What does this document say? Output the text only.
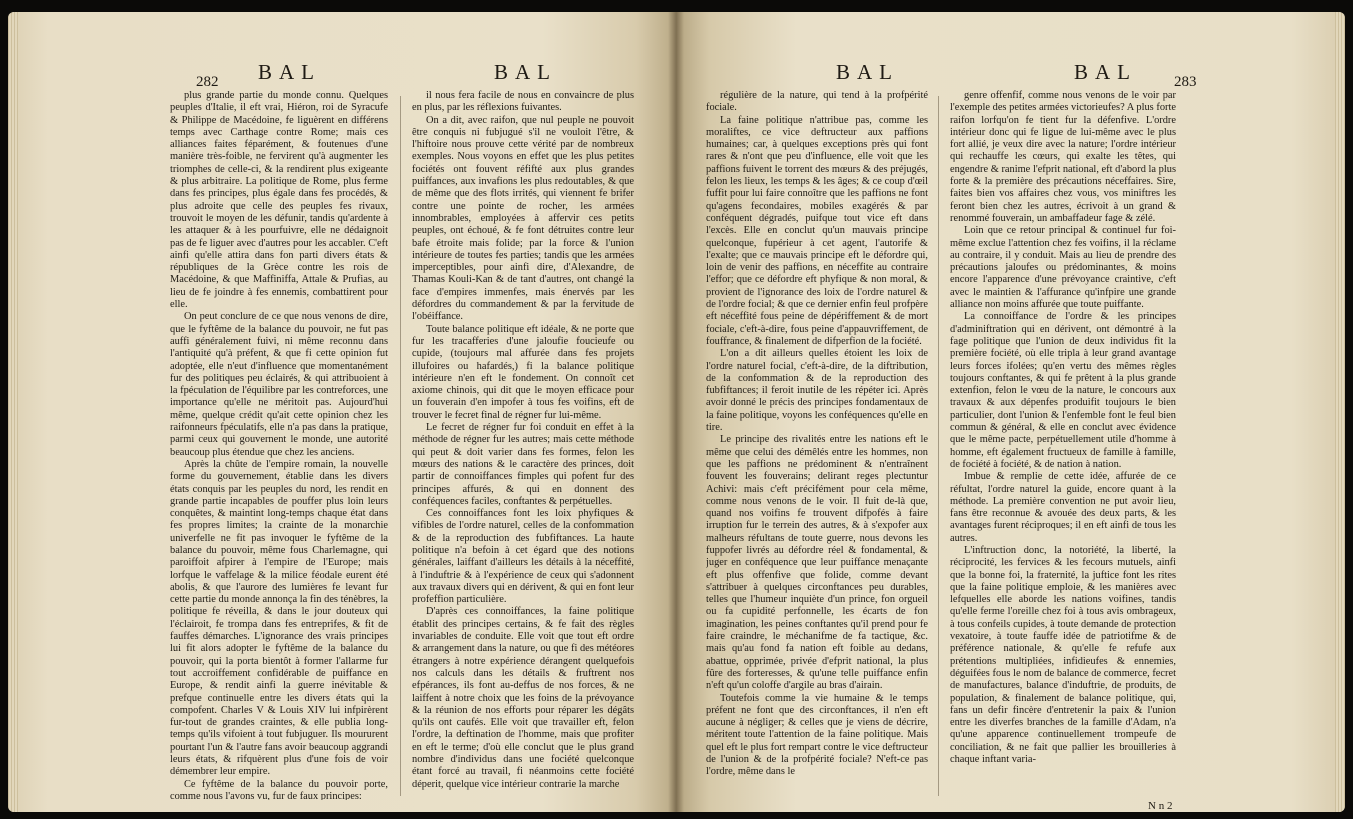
282 BAL	BAL

plus grande partie du monde connu. Quelques peuples d'Italie, il eft vrai, Hiéron, roi de Syracufe & Philippe de Macédoine, fe liguèrent en différens temps avec Carthage contre Rome; mais ces alliances faites féparément, & foutenues d'une manière très-foible, ne fervirent qu'à augmenter les triomphes de celle-ci, & la rendirent plus exigeante & plus arbitraire. La politique de Rome, plus ferme dans fes principes, plus égale dans fes procédés, & plus adroite que celle des peuples fes rivaux, trouvoit le moyen de les défunir, tandis qu'ardente à les attaquer & à les pourfuivre, elle ne dédaignoit pas de fe liguer avec d'autres pour les accabler. C'eft ainfi qu'elle attira dans fon parti divers états & républiques de la Grèce contre les rois de Macédoine, & que Maffiniffa, Attale & Prufias, au lieu de fe joindre à fes ennemis, combattirent pour elle.

On peut conclure de ce que nous venons de dire, que le fyftême de la balance du pouvoir, ne fut pas auffi généralement fuivi, ni même reconnu dans l'antiquité qu'à préfent, & que fi cette opinion fut adoptée, elle n'eut d'influence que momentanément fur des politiques peu éclairés, & qui attribuoient à la fpéculation de l'équilibre par les contreforces, une importance qu'elle ne méritoit pas. Aujourd'hui même, quelque crédit qu'ait cette opinion chez les raifonneurs fpéculatifs, elle n'a pas dans la pratique, parmi ceux qui gouvernent le monde, une autorité beaucoup plus étendue que chez les anciens.

Après la chûte de l'empire romain, la nouvelle forme du gouvernement, établie dans les divers états conquis par les peuples du nord, les rendit en grande partie incapables de pouffer plus loin leurs conquêtes, & maintint long-temps chaque état dans fes propres limites; la crainte de la monarchie univerfelle ne fit pas invoquer le fyftême de la balance du pouvoir, même fous Charlemagne, qui paroiffoit afpirer à l'empire de l'Europe; mais lorfque le vaffelage & la milice féodale eurent été abolis, & que l'aurore des lumières fe levant fur cette partie du monde annonça la fin des ténèbres, la politique fe réveilla, & dans le jour douteux qui l'éclairoit, fe trompa dans fes entreprifes, & fit de fauffes démarches. L'ignorance des vrais principes lui fit alors adopter le fyftême de la balance du pouvoir, qui la porta bientôt à former l'allarme fur tout accroiffement confidérable de puiffance en Europe, & rendit ainfi la guerre inévitable & prefque continuelle entre les divers états qui la compofent. Charles V & Louis XIV lui infpirèrent fur-tout de grandes craintes, & elle publia long-temps qu'ils vifoient à tout fubjuguer. Ils moururent pourtant l'un & l'autre fans avoir beaucoup aggrandi leurs états, & rifquèrent plus d'une fois de voir démembrer leur empire.

Ce fyftême de la balance du pouvoir porte, comme nous l'avons vu, fur de faux principes:

il nous fera facile de nous en convaincre de plus en plus, par les réflexions fuivantes.

On a dit, avec raifon, que nul peuple ne pouvoit être conquis ni fubjugué s'il ne vouloit l'être, & l'hiftoire nous prouve cette vérité par de nombreux exemples. Nous voyons en effet que les plus petites fociétés ont fouvent réfifté aux plus grandes puiffances, aux invafions les plus redoutables, & que de même que des flots irrités, qui viennent fe brifer contre une pointe de rocher, les armées innombrables, employées à affervir ces petits peuples, ont échoué, & fe font détruites contre leur bafe étroite mais folide; par la force & l'union intérieure de toutes fes parties; tandis que les armées imperceptibles, pour ainfi dire, d'Alexandre, de Thamas Kouli-Kan & de tant d'autres, ont changé la face d'empires immenfes, mais énervés par les défordres du commandement & par la fervitude de l'obéiffance.

Toute balance politique eft idéale, & ne porte que fur les tracafferies d'une jaloufie foucieufe ou cupide, (toujours mal affurée dans fes projets illufoires ou hafardés,) fi la balance politique intérieure n'en eft le fondement. On connoît cet axiome chinois, qui dit que le moyen efficace pour un fouverain d'en impofer à tous fes voifins, eft de trouver le fecret final de régner fur lui-même.

Le fecret de régner fur foi conduit en effet à la méthode de régner fur les autres; mais cette méthode qui peut & doit varier dans fes formes, felon les mœurs des nations & le caractère des princes, doit partir de connoiffances fimples qui pofent fur des principes affurés, & qui en donnent des conféquences faciles, conftantes & perpétuelles.

Ces connoiffances font les loix phyfiques & vifibles de l'ordre naturel, celles de la confommation & de la reproduction des fubfiftances. La haute politique n'a befoin à cet égard que des notions générales, laiffant d'ailleurs les détails à la néceffité, à l'induftrie & à l'expérience de ceux qui s'adonnent aux travaux divers qui en dérivent, & qui en font leur profeffion particulière.

D'après ces connoiffances, la faine politique établit des principes certains, & fe fait des règles invariables de conduite. Elle voit que tout eft ordre & arrangement dans la nature, ou que fi des météores étrangers à notre expérience dérangent quelquefois nos calculs dans les détails & fruftrent nos efpérances, ils font au-deffus de nos forces, & ne laiffent à notre choix que les foins de la prévoyance & la réunion de nos efforts pour réparer les dégâts qu'ils ont caufés. Elle voit que travailler eft, felon l'ordre, la deftination de l'homme, mais que profiter en eft le terme; d'où elle conclut que le plus grand nombre d'individus dans une fociété quelconque étant forcé au travail, fi néanmoins cette fociété déperit, quelque vice intérieur contrarie la marche

BAL	BAL 283

régulière de la nature, qui tend à la profpérité fociale.

La faine politique n'attribue pas, comme les moraliftes, ce vice deftructeur aux paffions humaines; car, à quelques exceptions près qui font rares & n'ont que peu d'influence, elle voit que les paffions fuivent le torrent des mœurs & des préjugés, felon les lieux, les temps & les âges; & ce coup d'œil fuffit pour lui faire connoître que les paffions ne font qu'agens fecondaires, mobiles exagérés & par conféquent dégradés, puifque tout vice eft dans l'excès. Elle en conclut qu'un mauvais principe quelconque, fupérieur à cet agent, l'autorife & l'exalte; que ce mauvais principe eft le défordre qui, loin de venir des paffions, en néceffite au contraire l'effor; que ce défordre eft phyfique & non moral, & provient de l'ignorance des loix de l'ordre naturel & de l'ordre focial; & que ce dernier enfin feul profpère eft néceffité fous peine de dépériffement & de mort fociale, c'eft-à-dire, fous peine d'appauvriffement, de fouffrance, & finalement de difperfion de la fociété.

L'on a dit ailleurs quelles étoient les loix de l'ordre naturel focial, c'eft-à-dire, de la diftribution, de la confommation & de la reproduction des fubfiftances; il feroit inutile de les répéter ici. Après avoir donné le précis des principes fondamentaux de la faine politique, voyons les conféquences qu'elle en tire.

Le principe des rivalités entre les nations eft le même que celui des démêlés entre les hommes, non que les paffions ne prédominent & n'entraînent fouvent les fouverains; delirant reges plectuntur Achivi: mais c'eft précifément pour cela même, comme nous venons de le voir. Il fuit de-là que, quand nos voifins fe trouvent difpofés à faire irruption fur le terrein des autres, & à s'expofer aux malheurs réfultans de toute guerre, nous devons les fuppofer livrés au défordre réel & fondamental, & juger en conféquence que leur puiffance menaçante eft plus offenfive que folide, comme devant s'attribuer à quelques circonftances peu durables, telles que l'humeur inquiète d'un prince, fon orgueil ou fa cupidité perfonnelle, les écarts de fon imagination, les peines conftantes qu'il prend pour fe faire craindre, le méchanifme de fa tactique, &c. mais qu'au fond fa nation eft foible au dedans, abattue, opprimée, privée d'efprit national, la plus fûre des forteresses, & qu'une telle puiffance enfin n'eft qu'un coloffe d'argile au bras d'airain.

Toutefois comme la vie humaine & le temps préfent ne font que des circonftances, il n'en eft aucune à négliger; & celles que je viens de décrire, méritent toute l'attention de la faine politique. Mais quel eft le plus fort rempart contre le vice deftructeur de l'union & de la profpérité fociale? N'eft-ce pas l'ordre, même dans le

genre offenfif, comme nous venons de le voir par l'exemple des petites armées victorieufes? A plus forte raifon lorfqu'on fe tient fur la défenfive. L'ordre intérieur donc qui fe ligue de lui-même avec le plus fort allié, je veux dire avec la nature; l'ordre intérieur qui rechauffe les cœurs, qui exalte les têtes, qui engendre & ranime l'efprit national, eft d'abord la plus forte & la première des précautions néceffaires. Sire, faites bien vos affaires chez vous, vos miniftres les feront bien chez les autres, écrivoit à un grand & renommé fouverain, un ambaffadeur fage & zélé.

Loin que ce retour principal & continuel fur foi-même exclue l'attention chez fes voifins, il la réclame au contraire, il y conduit. Mais au lieu de prendre des précautions jaloufes ou prédominantes, & moins encore l'apparence d'une prévoyance craintive, c'eft avec le maintien & l'affurance qu'infpire une grande alliance non moins affurée que toute puiffante.

La connoiffance de l'ordre & les principes d'adminiftration qui en dérivent, ont démontré à la fage politique que l'union de deux individus fit la première fociété, où elle tripla à leur grand avantage leurs forces ifolées; qu'en vertu des mêmes règles toujours conftantes, & qui fe prêtent à la plus grande extenfion, felon le vœu de la nature, le concours aux travaux & aux dépenfes produifit toujours le bien particulier, dont l'union & l'enfemble font le feul bien commun & général, & elle en conclut avec évidence que le même pacte, perpétuellement utile d'homme à homme, eft également fructueux de famille à famille, de fociété à fociété, & de nation à nation.

Imbue & remplie de cette idée, affurée de ce réfultat, l'ordre naturel la guide, encore quant à la méthode. La première convention ne put avoir lieu, fans être reconnue & avouée des deux parts, & les avantages furent réciproques; il en eft ainfi de tous les autres.

L'inftruction donc, la notoriété, la liberté, la réciprocité, les fervices & les fecours mutuels, ainfi que la bonne foi, la fraternité, la juftice font les rites que la faine politique emploie, & les manières avec lefquelles elle aborde les nations voifines, tandis qu'elle ferme l'oreille chez foi à tous avis ombrageux, à tous confeils cupides, à toute demande de protection vexatoire, à toute fauffe idée de patriotifme & de préférence nationale, & qu'elle fe refufe aux prétentions multipliées, infidieufes & ennemies, déguifées fous le nom de balance de commerce, fecret de manufactures, balance d'induftrie, de produits, de population, & finalement de balance politique, qui, fans un defir fincère d'entretenir la paix & l'union entre les diverfes branches de la famille d'Adam, n'a qu'une apparence continuellement trompeufe de conciliation, & ne fait que pallier les brouilleries à chaque inftant varia-

N n 2
